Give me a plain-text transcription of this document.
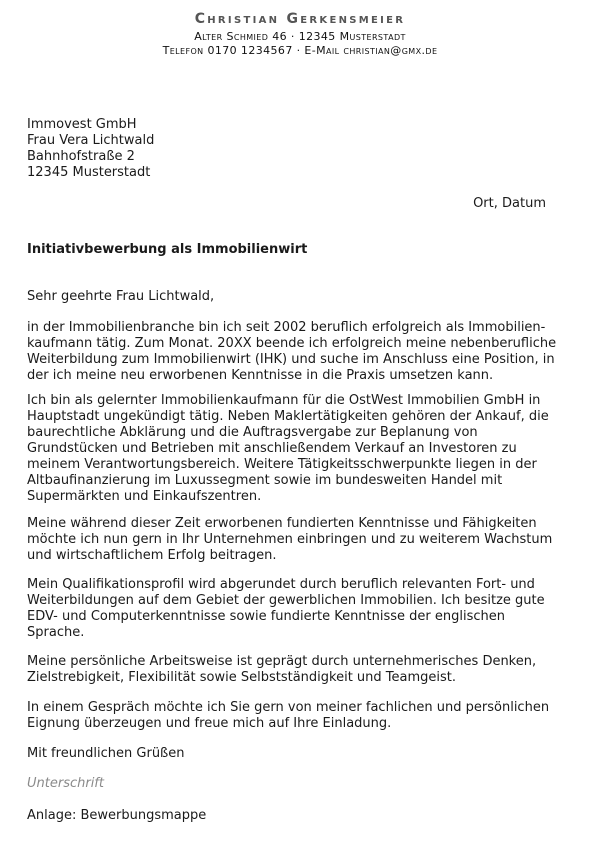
Christian Gerkensmeier
Alter Schmied 46 · 12345 Musterstadt
Telefon 0170 1234567 · E-Mail christian@gmx.de
Immovest GmbH
Frau Vera Lichtwald
Bahnhofstraße 2
12345 Musterstadt
Ort, Datum
Initiativbewerbung als Immobilienwirt
Sehr geehrte Frau Lichtwald,
in der Immobilienbranche bin ich seit 2002 beruflich erfolgreich als Immobilien-
kaufmann tätig. Zum Monat. 20XX beende ich erfolgreich meine nebenberufliche
Weiterbildung zum Immobilienwirt (IHK) und suche im Anschluss eine Position, in
der ich meine neu erworbenen Kenntnisse in die Praxis umsetzen kann.
Ich bin als gelernter Immobilienkaufmann für die OstWest Immobilien GmbH in
Hauptstadt ungekündigt tätig. Neben Maklertätigkeiten gehören der Ankauf, die
baurechtliche Abklärung und die Auftragsvergabe zur Beplanung von
Grundstücken und Betrieben mit anschließendem Verkauf an Investoren zu
meinem Verantwortungsbereich. Weitere Tätigkeitsschwerpunkte liegen in der
Altbaufinanzierung im Luxussegment sowie im bundesweiten Handel mit
Supermärkten und Einkaufszentren.
Meine während dieser Zeit erworbenen fundierten Kenntnisse und Fähigkeiten
möchte ich nun gern in Ihr Unternehmen einbringen und zu weiterem Wachstum
und wirtschaftlichem Erfolg beitragen.
Mein Qualifikationsprofil wird abgerundet durch beruflich relevanten Fort- und
Weiterbildungen auf dem Gebiet der gewerblichen Immobilien. Ich besitze gute
EDV- und Computerkenntnisse sowie fundierte Kenntnisse der englischen
Sprache.
Meine persönliche Arbeitsweise ist geprägt durch unternehmerisches Denken,
Zielstrebigkeit, Flexibilität sowie Selbstständigkeit und Teamgeist.
In einem Gespräch möchte ich Sie gern von meiner fachlichen und persönlichen
Eignung überzeugen und freue mich auf Ihre Einladung.
Mit freundlichen Grüßen
Unterschrift
Anlage: Bewerbungsmappe
